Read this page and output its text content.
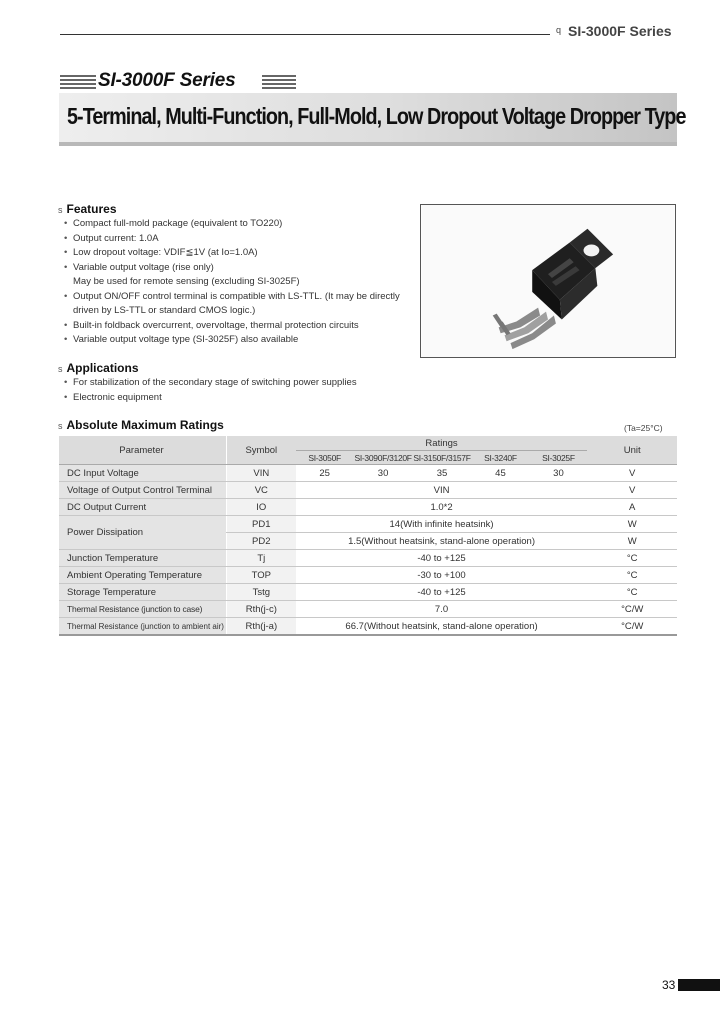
q SI-3000F Series
SI-3000F Series
5-Terminal, Multi-Function, Full-Mold, Low Dropout Voltage Dropper Type
s Features
• Compact full-mold package (equivalent to TO220)
• Output current: 1.0A
• Low dropout voltage: VDIF≦1V (at Io=1.0A)
• Variable output voltage (rise only)
May be used for remote sensing (excluding SI-3025F)
• Output ON/OFF control terminal is compatible with LS-TTL. (It may be directly
driven by LS-TTL or standard CMOS logic.)
• Built-in foldback overcurrent, overvoltage, thermal protection circuits
• Variable output voltage type (SI-3025F) also available
s Applications
• For stabilization of the secondary stage of switching power supplies
• Electronic equipment
s Absolute Maximum Ratings	(Ta=25°C)
Parameter	Symbol	Ratings					Unit
		SI-3050F	SI-3090F/3120F	SI-3150F/3157F	SI-3240F	SI-3025F	
DC Input Voltage	VIN	25	30	35	45	30	V
Voltage of Output Control Terminal	VC	VIN					V
DC Output Current	IO	1.0*2					A
Power Dissipation	PD1	14(With infinite heatsink)					W
	PD2	1.5(Without heatsink, stand-alone operation)					W
Junction Temperature	Tj	-40 to +125					°C
Ambient Operating Temperature	TOP	-30 to +100					°C
Storage Temperature	Tstg	-40 to +125					°C
Thermal Resistance (junction to case)	Rth(j-c)	7.0					°C/W
Thermal Resistance (junction to ambient air)	Rth(j-a)	66.7(Without heatsink, stand-alone operation)					°C/W
33
